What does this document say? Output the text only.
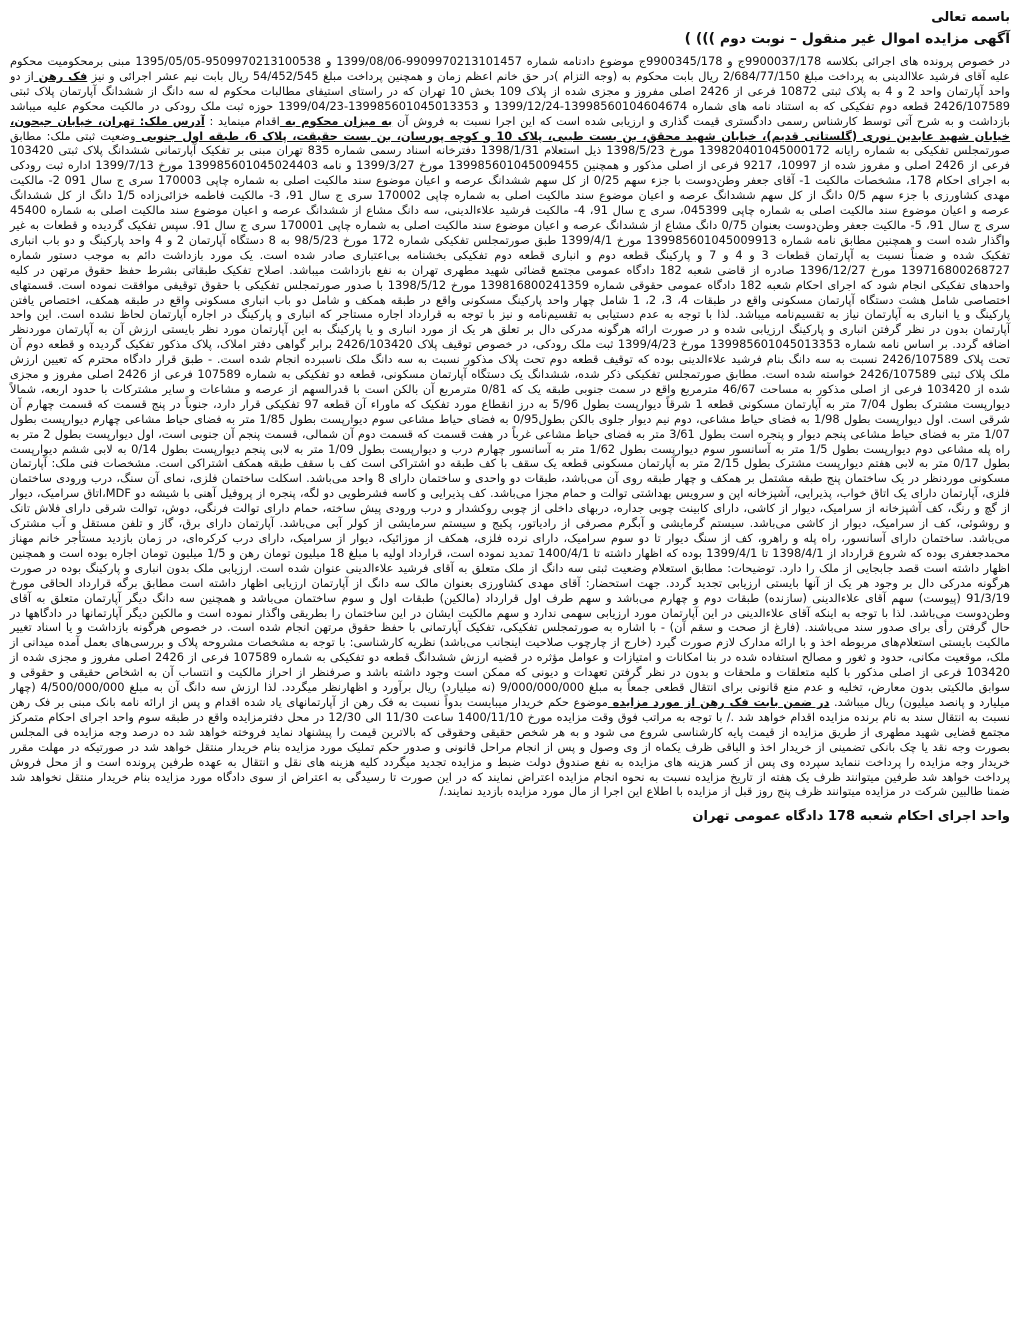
باسمه تعالی
آگهی مزایده اموال غیر منقول – نوبت دوم ))) )

در خصوص پرونده های اجرائی بکلاسه 9900037/178ج و 9900345/178ج موضوع دادنامه شماره 9909970213101457-1399/08/06 و 9509970213100538-1395/05/05 مبنی برمحکومیت محکوم علیه آقای فرشید علاالدینی به پرداخت مبلغ 2/684/77/150 ریال بابت محکوم به (وجه التزام )در حق خانم اعظم زمان و همچنین پرداخت مبلغ 54/452/545 ریال بابت نیم عشر اجرائی و نیز فک رهن از دو واحد آپارتمان واحد 2 و 4 به پلاک ثبتی 10872 فرعی از 2426 اصلی مفروز و مجزی شده از پلاک 109 بخش 10 تهران که در راستای استیفای مطالبات محکوم له سه دانگ از ششدانگ آپارتمان پلاک ثبتی 2426/107589 قطعه دوم تفکیکی که به استناد نامه های شماره 13998560104604674-1399/12/24 و 139985601045013353-1399/04/23 حوزه ثبت ملک رودکی در مالکیت محکوم علیه میباشد بازداشت و به شرح آتی توسط کارشناس رسمی دادگستری قیمت گذاری و ارزیابی شده است که این اجرا نسبت به فروش آن به میزان محکوم به اقدام مینماید : آدرس ملک: تهران، خیابان جیحون، خیابان شهید عابدین نوری (گلستانی قدیم)، خیابان شهید محقق، بن بست طیبی، پلاک 10 و کوچه پورسان، بن بست حقیقت، پلاک 6، طبقه اول جنوبی وضعیت ثبتی ملک: مطابق صورتمجلس تفکیکی به شماره رایانه 139820401045000172 مورخ 1398/5/23 ذیل استعلام 1398/1/31 دفترخانه اسناد رسمی شماره 835 تهران مبنی بر تفکیک آپارتمانی ششدانگ پلاک ثبتی 103420 فرعی از 2426 اصلی و مفروز شده از 10997، 9217 فرعی از اصلی مذکور و همچنین 139985601045009455 مورخ 1399/3/27 و نامه 139985601045024403 مورخ 1399/7/13 اداره ثبت رودکی به اجرای احکام 178، مشخصات مالکیت 1- آقای جعفر وطن‌دوست با جزء سهم 0/25 از کل سهم ششدانگ عرصه و اعیان موضوع سند مالکیت اصلی به شماره چاپی 170003 سری ج سال 091 2- مالکیت مهدی کشاورزی با جزء سهم 0/5 دانگ از کل سهم ششدانگ عرصه و اعیان موضوع سند مالکیت اصلی به شماره چاپی 170002 سری ج سال 91، 3- مالکیت فاطمه خزائی‌زاده 1/5 دانگ از کل ششدانگ عرصه و اعیان موضوع سند مالکیت اصلی به شماره چاپی 045399، سری ج سال 91، 4- مالکیت فرشید علاءالدینی، سه دانگ مشاع از ششدانگ عرصه و اعیان موضوع سند مالکیت اصلی به شماره 45400 سری ج سال 91، 5- مالکیت جعفر وطن‌دوست بعنوان 0/75 دانگ مشاع از ششدانگ عرصه و اعیان موضوع سند مالکیت اصلی به شماره چاپی 170001 سری ج سال 91. سپس تفکیک گردیده و قطعات به غیر واگذار شده است و همچنین مطابق نامه شماره 139985601045009913 مورخ 1399/4/1 طبق صورتمجلس تفکیکی شماره 172 مورخ 98/5/23 به 8 دستگاه آپارتمان 2 و 4 واحد پارکینگ و دو باب انباری تفکیک شده و ضمناً نسبت به آپارتمان قطعات 3 و 4 و 7 و پارکینگ قطعه دوم و انباری قطعه دوم تفکیکی بخشنامه بی‌اعتباری صادر شده است. یک مورد بازداشت دائم به موجب دستور شماره 139716800268727 مورخ 1396/12/27 صادره از قاضی شعبه 182 دادگاه عمومی مجتمع قضائی شهید مطهری تهران به نفع بازداشت میباشد. اصلاح تفکیک طبقاتی بشرط حفظ حقوق مرتهن در کلیه واحدهای تفکیکی انجام شود که اجرای احکام شعبه 182 دادگاه عمومی حقوقی شماره 139816800241359 مورخ 1398/5/12 با صدور صورتمجلس تفکیکی با حقوق توقیفی موافقت نموده است. قسمتهای اختصاصی شامل هشت دستگاه آپارتمان مسکونی واقع در طبقات 4، 3، 2، 1 شامل چهار واحد پارکینگ مسکونی واقع در طبقه همکف و شامل دو باب انباری مسکونی واقع در طبقه همکف، اختصاص یافتن پارکینگ و یا انباری به آپارتمان نیاز به تقسیم‌نامه میباشد. لذا با توجه به عدم دستیابی به تقسیم‌نامه و نیز با توجه به قرارداد اجاره مستاجر که انباری و پارکینگ در اجاره آپارتمان لحاظ نشده است. این واحد آپارتمان بدون در نظر گرفتن انباری و پارکینگ ارزیابی شده و در صورت ارائه هرگونه مدرکی دال بر تعلق هر یک از مورد انباری و یا پارکینگ به این آپارتمان مورد نظر بایستی ارزش آن به آپارتمان موردنظر اضافه گردد. بر اساس نامه شماره 139985601045013353 مورخ 1399/4/23 ثبت ملک رودکی، در خصوص توقیف پلاک 2426/103420 برابر گواهی دفتر املاک، پلاک مذکور تفکیک گردیده و قطعه دوم آن تحت پلاک 2426/107589 نسبت به سه دانگ بنام فرشید علاءالدینی بوده که توقیف قطعه دوم تحت پلاک مذکور نسبت به سه دانگ ملک ناسبرده انجام شده است. - طبق قرار دادگاه محترم که تعیین ارزش ملک پلاک ثبتی 2426/107589 خواسته شده است. مطابق صورتمجلس تفکیکی ذکر شده، ششدانگ یک دستگاه آپارتمان مسکونی، قطعه دو تفکیکی به شماره 107589 فرعی از 2426 اصلی مفروز و مجزی شده از 103420 فرعی از اصلی مذکور به مساحت 46/67 مترمربع واقع در سمت جنوبی طبقه یک که 0/81 مترمربع آن بالکن است با قدرالسهم از عرصه و مشاعات و سایر مشترکات با حدود اربعه، شمالاً دیوارپست مشترک بطول 7/04 متر به آپارتمان مسکونی قطعه 1 شرقاً دیوارپست بطول 5/96 به درز انقطاع مورد تفکیک که ماوراء آن قطعه 97 تفکیکی قرار دارد، جنوباً در پنج قسمت که قسمت چهارم آن شرقی است. اول دیوارپست بطول 1/98 به فضای حیاط مشاعی، دوم نیم دیوار جلوی بالکن بطول0/95 به فضای حیاط مشاعی سوم دیوارپست بطول 1/85 متر به فضای حیاط مشاعی چهارم دیوارپست بطول 1/07 متر به فضای حیاط مشاعی پنجم دیوار و پنجره است بطول 3/61 متر به فضای حیاط مشاعی غرباً در هفت قسمت که قسمت دوم آن شمالی، قسمت پنجم آن جنوبی است، اول دیوارپست بطول 2 متر به راه پله مشاعی دوم دیوارپست بطول 1/5 متر به آسانسور سوم دیوارپست بطول 1/62 متر به آسانسور چهارم درب و دیوارپست بطول 1/09 متر به لابی پنجم دیوارپست بطول 0/14 به لابی ششم دیوارپست بطول 0/17 متر به لابی هفتم دیوارپست مشترک بطول 2/15 متر به آپارتمان مسکونی قطعه یک سقف با کف طبقه دو اشتراکی است کف با سقف طبقه همکف اشتراکی است. مشخصات فنی ملک: آپارتمان مسکونی موردنظر در یک ساختمان پنج طبقه مشتمل بر همکف و چهار طبقه روی آن می‌باشد، طبقات دو واحدی و ساختمان دارای 8 واحد می‌باشد. اسکلت ساختمان فلزی، نمای آن سنگ، درب ورودی ساختمان فلزی، آپارتمان دارای یک اتاق خواب، پذیرایی، آشپزخانه اپن و سرویس بهداشتی توالت و حمام مجزا می‌باشد. کف پذیرایی و کاسه فشرطویی دو لگه، پنجره از پروفیل آهنی با شیشه دو MDF،اتاق سرامیک، دیوار از گچ و رنگ، کف آشپزخانه از سرامیک، دیوار از کاشی، دارای کابینت چوبی جداره، دربهای داخلی از چوبی روکشدار و درب ورودی پیش ساخته، حمام دارای توالت فرنگی، دوش، توالت شرقی دارای فلاش تانک و روشوئی، کف از سرامیک، دیوار از کاشی می‌باشد. سیستم گرمایشی و آبگرم مصرفی از رادیاتور، پکیج و سیستم سرمایشی از کولر آبی می‌باشد. آپارتمان دارای برق، گاز و تلفن مستقل و آب مشترک می‌باشد. ساختمان دارای آسانسور، راه پله و راهرو، کف از سنگ دیوار تا دو سوم سرامیک، دارای نرده فلزی، همکف از موزائیک، دیوار از سرامیک، دارای درب کرکره‌ای، در زمان بازدید مستأجر خانم مهناز محمدجعفری بوده که شروع قرارداد از 1398/4/1 تا 1399/4/1 بوده که اظهار داشته تا 1400/4/1 تمدید نموده است، قرارداد اولیه با مبلغ 18 میلیون تومان رهن و 1/5 میلیون تومان اجاره بوده است و همچنین اظهار داشته است قصد جابجایی از ملک را دارد. توضیحات: مطابق استعلام وضعیت ثبتی سه دانگ از ملک متعلق به آقای فرشید علاءالدینی عنوان شده است. ارزیابی ملک بدون انباری و پارکینگ بوده در صورت هرگونه مدرکی دال بر وجود هر یک از آنها بایستی ارزیابی تجدید گردد. جهت استحضار: آقای مهدی کشاورزی بعنوان مالک سه دانگ از آپارتمان ارزیابی اظهار داشته است مطابق برگه قرارداد الحاقی مورخ 91/3/19 (پیوست) سهم آقای علاءالدینی (سازنده) طبقات دوم و چهارم می‌باشد و سهم طرف اول قرارداد (مالکین) طبقات اول و سوم ساختمان می‌باشد و همچنین سه دانگ دیگر آپارتمان متعلق به آقای وطن‌دوست می‌باشد. لذا با توجه به اینکه آقای علاءالدینی در این آپارتمان مورد ارزیابی سهمی ندارد و سهم مالکیت ایشان در این ساختمان را بطریقی واگذار نموده است و مالکین دیگر آپارتمانها در دادگاهها در حال گرفتن رأی برای صدور سند می‌باشند. (فارغ از صحت و سقم آن) - با اشاره به صورتمجلس تفکیکی، تفکیک آپارتمانی با حفظ حقوق مرتهن انجام شده است. در خصوص هرگونه بازداشت و یا اسناد تغییر مالکیت بایستی استعلام‌های مربوطه اخذ و با ارائه مدارک لازم صورت گیرد (خارج از چارچوب صلاحیت اینجانب می‌باشد) نظریه کارشناسی: با توجه به مشخصات مشروحه پلاک و بررسی‌های بعمل آمده میدانی از ملک، موقعیت مکانی، حدود و ثغور و مصالح استفاده شده در بنا امکانات و امتیازات و عوامل مؤثره در قضیه ارزش ششدانگ قطعه دو تفکیکی به شماره 107589 فرعی از 2426 اصلی مفروز و مجزی شده از 103420 فرعی از اصلی مذکور با کلیه متعلقات و ملحقات و بدون در نظر گرفتن تعهدات و دیونی که ممکن است وجود داشته باشد و صرفنظر از احراز مالکیت و انتساب آن به اشخاص حقیقی و حقوقی و سوابق مالکیتی بدون معارض، تخلیه و عدم منع قانونی برای انتقال قطعی جمعاً به مبلغ 9/000/000/000 (نه میلیارد) ریال برآورد و اظهارنظر میگردد. لذا ارزش سه دانگ آن به مبلغ 4/500/000/000 (چهار میلیارد و پانصد میلیون) ریال میباشد. در ضمن بابت فک رهن از مورد مزایده موضوع حکم خریدار میبایست بدواً نسبت به فک رهن از آپارتمانهای یاد شده اقدام و پس از ارائه نامه بانک مبنی بر فک رهن نسبت به انتقال سند به نام برنده مزایده اقدام خواهد شد ./ با توجه به مراتب فوق وقت مزایده مورخ 1400/11/10 ساعت 11/30 الی 12/30 در محل دفترمزایده واقع در طبقه سوم واحد اجرای احکام متمرکز مجتمع قضایی شهید مطهری از طریق مزایده از قیمت پایه کارشناسی شروع می شود و به هر شخص حقیقی وحقوقی که بالاترین قیمت را پیشنهاد نماید فروخته خواهد شد ده درصد وجه مزایده فی المجلس بصورت وجه نقد یا چک بانکی تضمینی از خریدار اخذ و الباقی ظرف یکماه از وی وصول و پس از انجام مراحل قانونی و صدور حکم تملیک مورد مزایده بنام خریدار منتقل خواهد شد در صورتیکه در مهلت مقرر خریدار وجه مزایده را پرداخت ننماید سپرده وی پس از کسر هزینه های مزایده به نفع صندوق دولت ضبط و مزایده تجدید میگردد کلیه هزینه های نقل و انتقال به عهده طرفین پرونده است و از محل فروش پرداخت خواهد شد طرفین میتوانند ظرف یک هفته از تاریخ مزایده نسبت به نحوه انجام مزایده اعتراض نمایند که در این صورت تا رسیدگی به اعتراض از سوی دادگاه مورد مزایده بنام خریدار منتقل نخواهد شد ضمنا طالبین شرکت در مزایده میتوانند ظرف پنج روز قبل از مزایده با اطلاع این اجرا از مال مورد مزایده بازدید نمایند./

واحد اجرای احکام شعبه 178 دادگاه عمومی تهران
